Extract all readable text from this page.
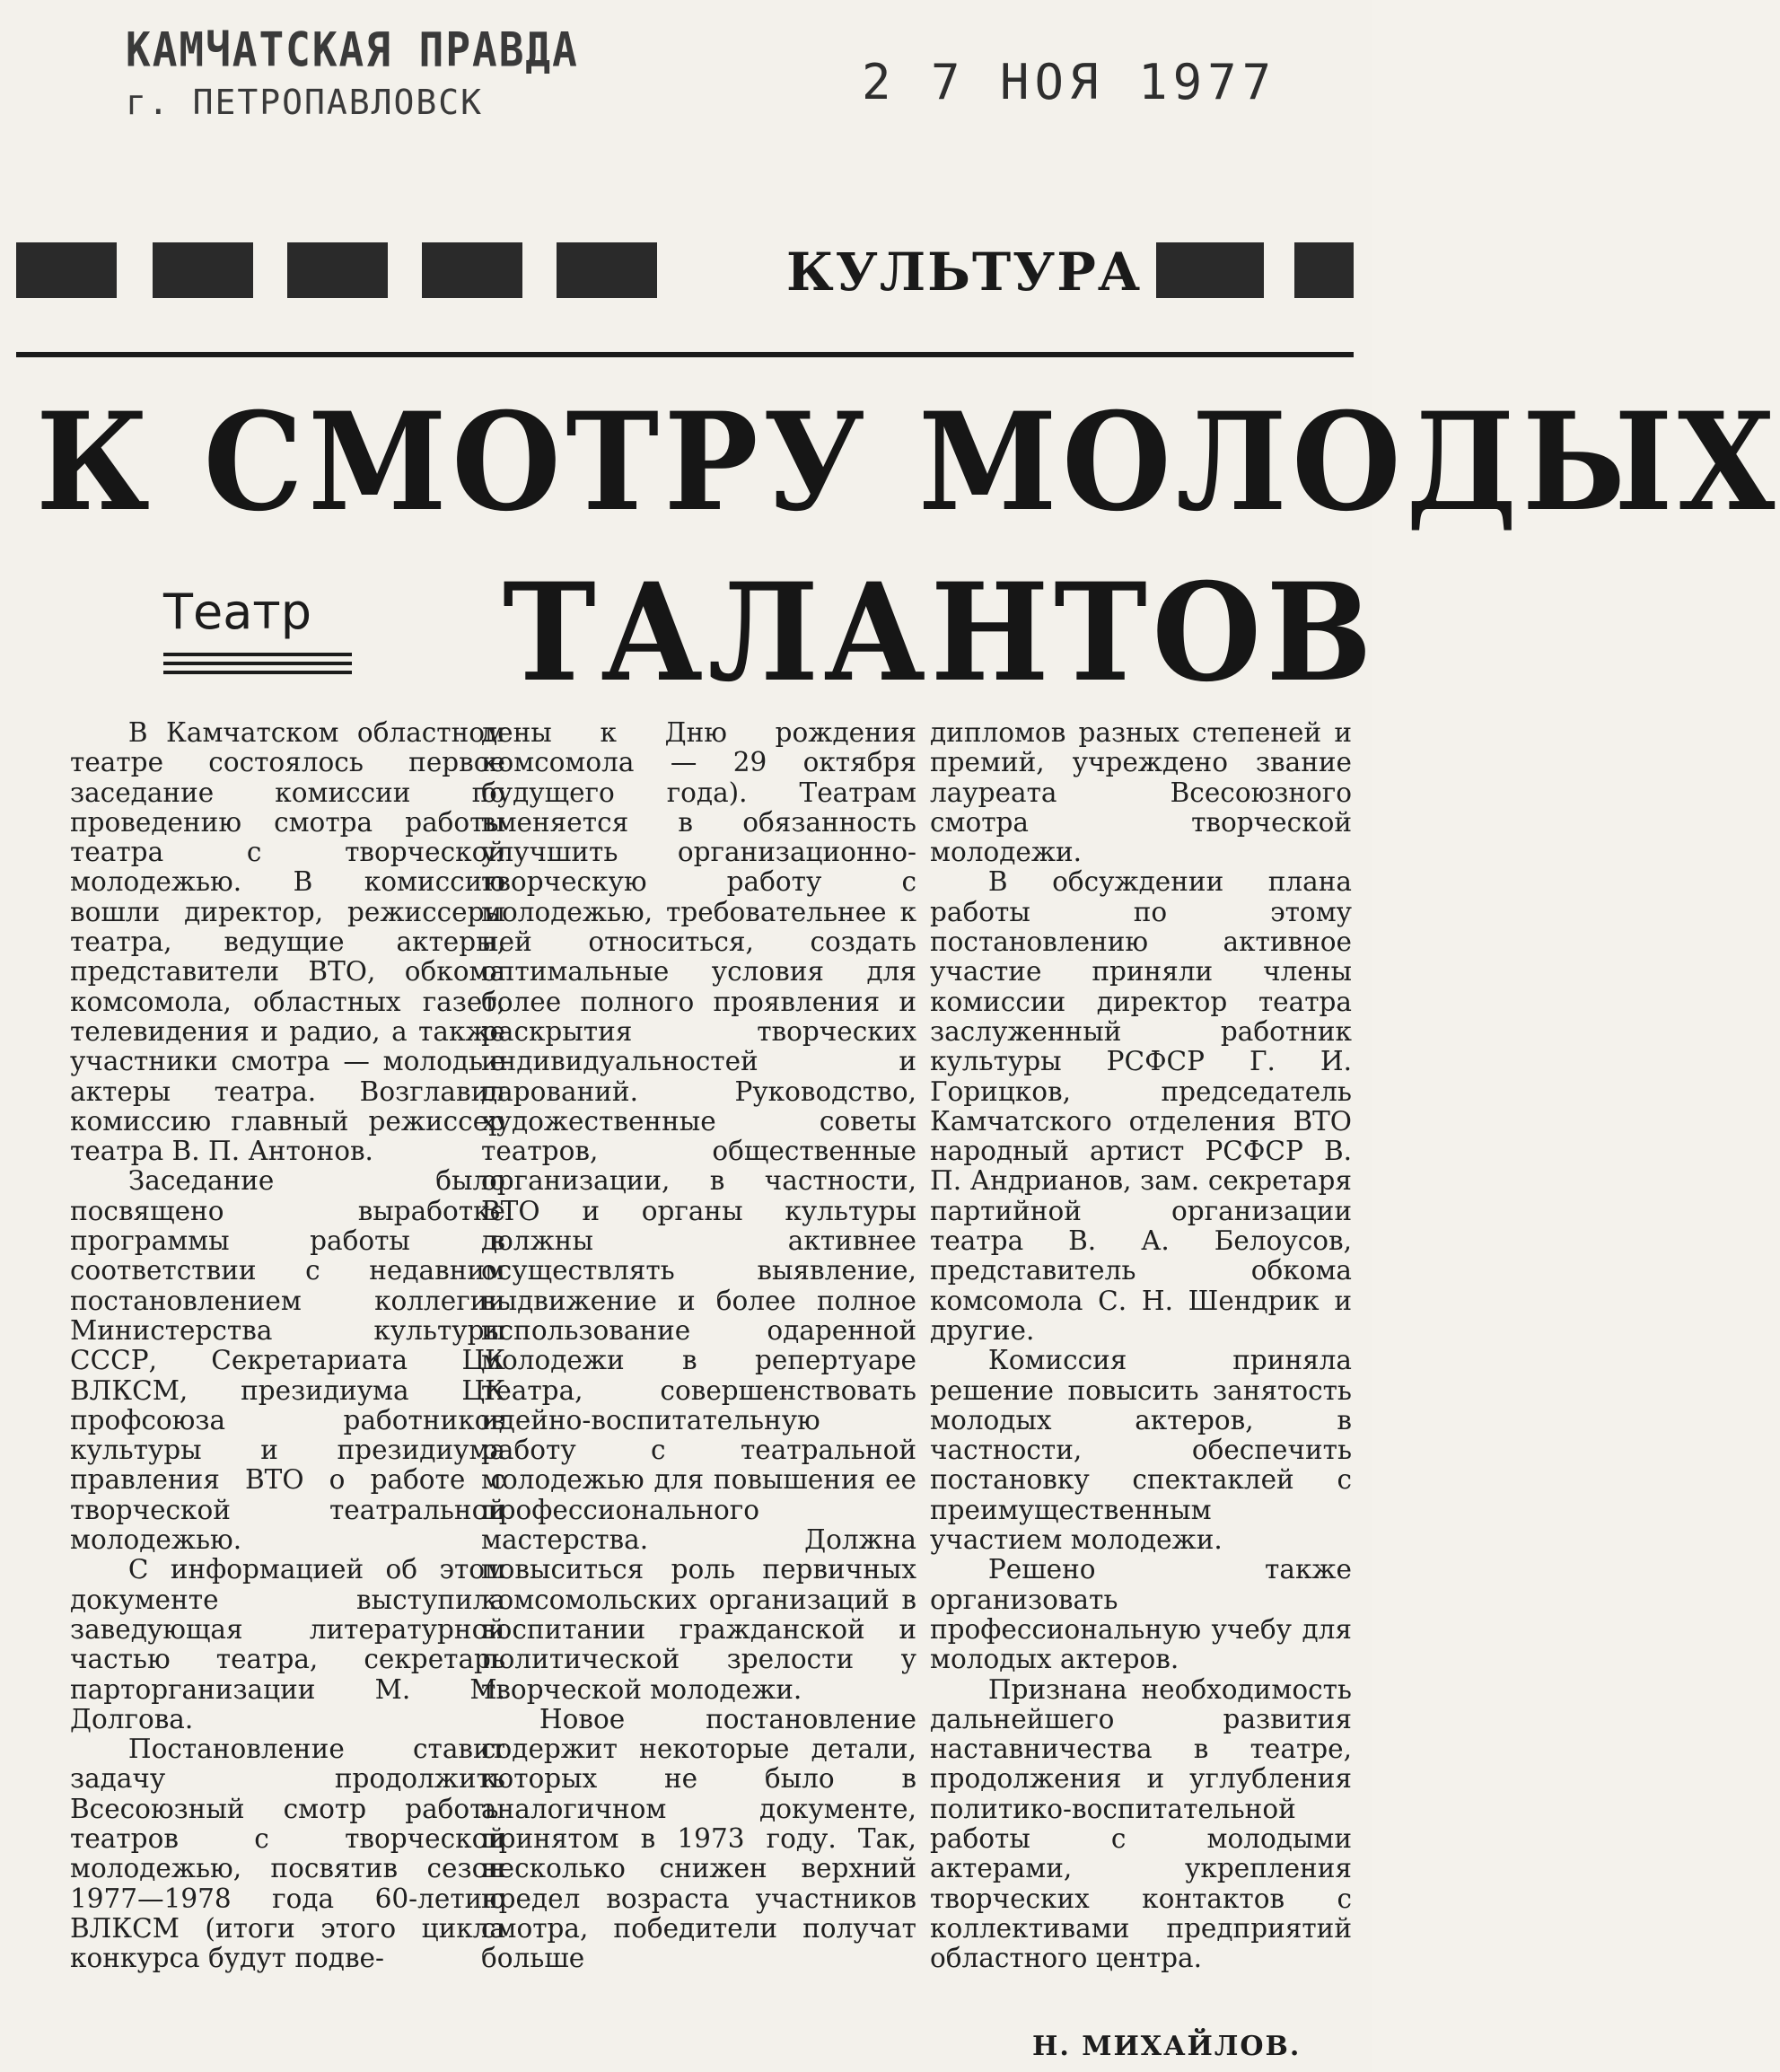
КАМЧАТСКАЯ ПРАВДА
г. ПЕТРОПАВЛОВСК	2 7 НОЯ 1977
КУЛЬТУРА
К СМОТРУ МОЛОДЫХ
ТАЛАНТОВ
Театр

В Камчатском областном театре состоялось первое заседание комиссии по проведению смотра работы театра с творческой молодежью. В комиссию вошли директор, режиссеры театра, ведущие актеры, представители ВТО, обкома комсомола, областных газет, телевидения и радио, а также участники смотра — молодые актеры театра. Возглавил комиссию главный режиссер театра В. П. Антонов.

Заседание было посвящено выработке программы работы в соответствии с недавним постановлением коллегии Министерства культуры СССР, Секретариата ЦК ВЛКСМ, президиума ЦК профсоюза работников культуры и президиума правления ВТО о работе с творческой театральной молодежью.

С информацией об этом документе выступила заведующая литературной частью театра, секретарь парторганизации М. М. Долгова.

Постановление ставит задачу продолжить Всесоюзный смотр работы театров с творческой молодежью, посвятив сезон 1977—1978 года 60-летию ВЛКСМ (итоги этого цикла конкурса будут подве-

дены к Дню рождения комсомола — 29 октября будущего года). Театрам вменяется в обязанность улучшить организационно-творческую работу с молодежью, требовательнее к ней относиться, создать оптимальные условия для более полного проявления и раскрытия творческих индивидуальностей и дарований. Руководство, художественные советы театров, общественные организации, в частности, ВТО и органы культуры должны активнее осуществлять выявление, выдвижение и более полное использование одаренной молодежи в репертуаре театра, совершенствовать идейно-воспитательную работу с театральной молодежью для повышения ее профессионального мастерства. Должна повыситься роль первичных комсомольских организаций в воспитании гражданской и политической зрелости у творческой молодежи.

Новое постановление содержит некоторые детали, которых не было в аналогичном документе, принятом в 1973 году. Так, несколько снижен верхний предел возраста участников смотра, победители получат больше

дипломов разных степеней и премий, учреждено звание лауреата Всесоюзного смотра творческой молодежи.

В обсуждении плана работы по этому постановлению активное участие приняли члены комиссии директор театра заслуженный работник культуры РСФСР Г. И. Горицков, председатель Камчатского отделения ВТО народный артист РСФСР В. П. Андрианов, зам. секретаря партийной организации театра В. А. Белоусов, представитель обкома комсомола С. Н. Шендрик и другие.

Комиссия приняла решение повысить занятость молодых актеров, в частности, обеспечить постановку спектаклей с преимущественным участием молодежи.

Решено также организовать профессиональную учебу для молодых актеров.

Признана необходимость дальнейшего развития наставничества в театре, продолжения и углубления политико-воспитательной работы с молодыми актерами, укрепления творческих контактов с коллективами предприятий областного центра.

Н. МИХАЙЛОВ.
